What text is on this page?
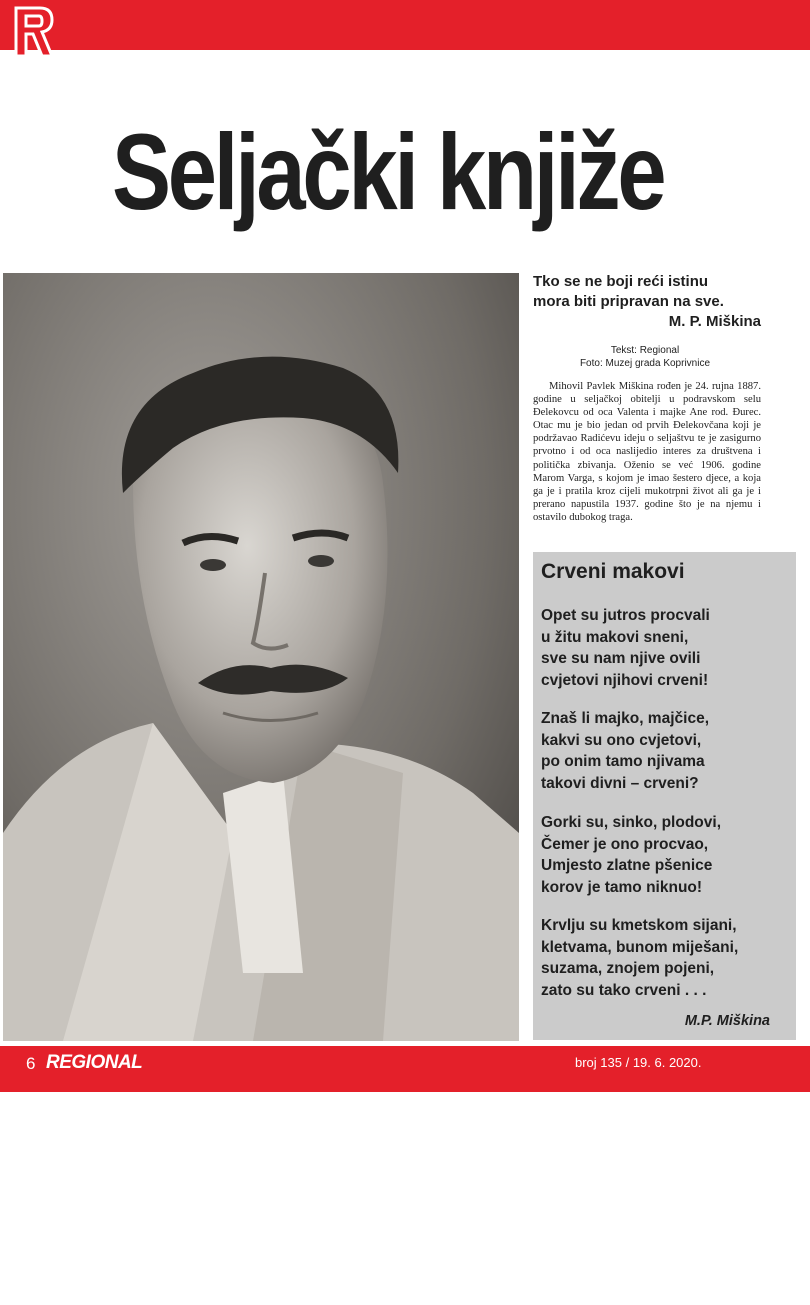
Seljački knjiže
Mihovil Pavlek Miškina 1935. godine
Tko se ne boji reći istinu
mora biti pripravan na sve.
M. P. Miškina
Tekst: Regional
Foto: Muzej grada Koprivnice

Mihovil Pavlek Miškina rođen je 24. rujna 1887. godine u seljačkoj obitelji u podravskom selu Đelekovcu od oca Valenta i majke Ane rod. Đurec. Otac mu je bio jedan od prvih Đelekovčana koji je podržavao Radićevu ideju o seljaštvu te je zasigurno prvotno i od oca naslijedio interes za društvena i politička zbivanja. Oženio se već 1906. godine Marom Varga, s kojom je imao šestero djece, a koja ga je i pratila kroz cijeli mukotrpni život ali ga je i prerano napustila 1937. godine što je na njemu i ostavilo dubokog traga.

Crveni makovi
Opet su jutros procvali
u žitu makovi sneni,
sve su nam njive ovili
cvjetovi njihovi crveni!
Znaš li majko, majčice,
kakvi su ono cvjetovi,
po onim tamo njivama
takovi divni – crveni?
Gorki su, sinko, plodovi,
Čemer je ono procvao,
Umjesto zlatne pšenice
korov je tamo niknuo!
Krvlju su kmetskom sijani,
kletvama, bunom miješani,
suzama, znojem pojeni,
zato su tako crveni . . .
M.P. Miškina
6 REGIONAL	broj 135 / 19. 6. 2020.
